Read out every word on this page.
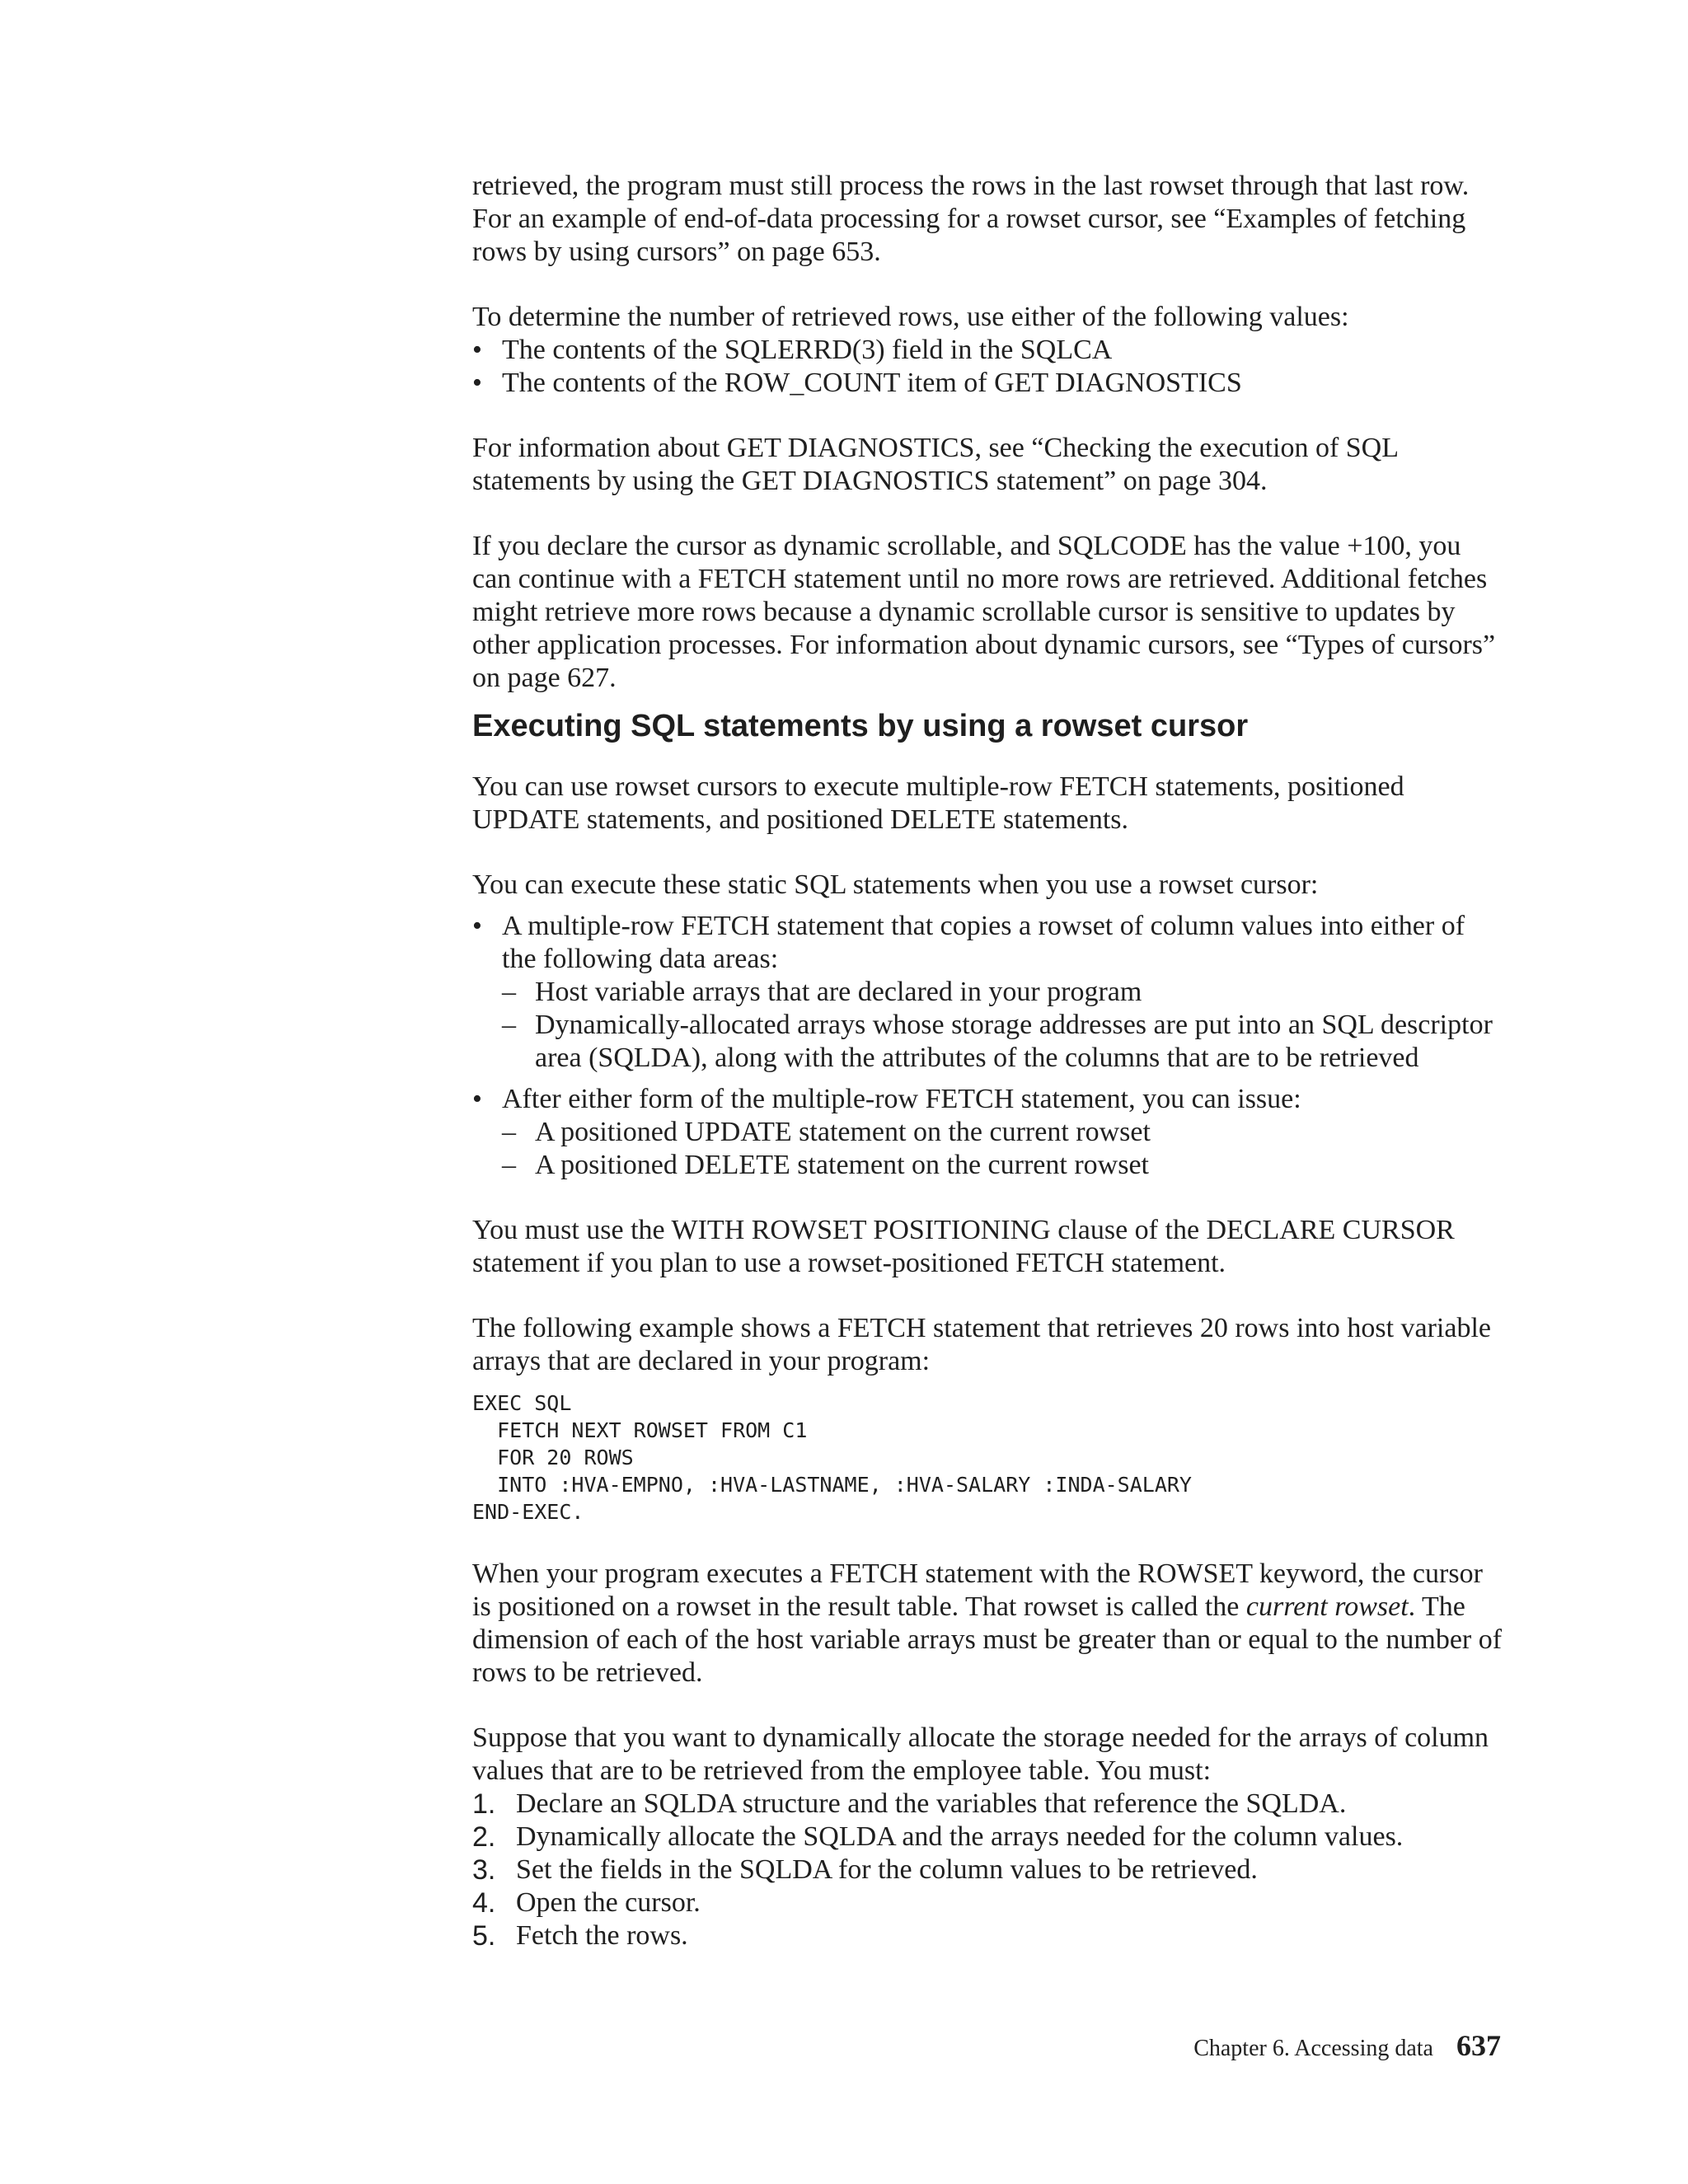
retrieved, the program must still process the rows in the last rowset through that last row. For an example of end-of-data processing for a rowset cursor, see “Examples of fetching rows by using cursors” on page 653.

To determine the number of retrieved rows, use either of the following values:

• The contents of the SQLERRD(3) field in the SQLCA
• The contents of the ROW_COUNT item of GET DIAGNOSTICS

For information about GET DIAGNOSTICS, see “Checking the execution of SQL statements by using the GET DIAGNOSTICS statement” on page 304.

If you declare the cursor as dynamic scrollable, and SQLCODE has the value +100, you can continue with a FETCH statement until no more rows are retrieved. Additional fetches might retrieve more rows because a dynamic scrollable cursor is sensitive to updates by other application processes. For information about dynamic cursors, see “Types of cursors” on page 627.

Executing SQL statements by using a rowset cursor

You can use rowset cursors to execute multiple-row FETCH statements, positioned UPDATE statements, and positioned DELETE statements.

You can execute these static SQL statements when you use a rowset cursor:

• A multiple-row FETCH statement that copies a rowset of column values into either of the following data areas:
– Host variable arrays that are declared in your program
– Dynamically-allocated arrays whose storage addresses are put into an SQL descriptor area (SQLDA), along with the attributes of the columns that are to be retrieved
• After either form of the multiple-row FETCH statement, you can issue:
– A positioned UPDATE statement on the current rowset
– A positioned DELETE statement on the current rowset

You must use the WITH ROWSET POSITIONING clause of the DECLARE CURSOR statement if you plan to use a rowset-positioned FETCH statement.

The following example shows a FETCH statement that retrieves 20 rows into host variable arrays that are declared in your program:

EXEC SQL
FETCH NEXT ROWSET FROM C1
FOR 20 ROWS
INTO :HVA-EMPNO, :HVA-LASTNAME, :HVA-SALARY :INDA-SALARY
END-EXEC.

When your program executes a FETCH statement with the ROWSET keyword, the cursor is positioned on a rowset in the result table. That rowset is called the current rowset. The dimension of each of the host variable arrays must be greater than or equal to the number of rows to be retrieved.

Suppose that you want to dynamically allocate the storage needed for the arrays of column values that are to be retrieved from the employee table. You must:

1. Declare an SQLDA structure and the variables that reference the SQLDA.
2. Dynamically allocate the SQLDA and the arrays needed for the column values.
3. Set the fields in the SQLDA for the column values to be retrieved.
4. Open the cursor.
5. Fetch the rows.
Chapter 6. Accessing data 637
